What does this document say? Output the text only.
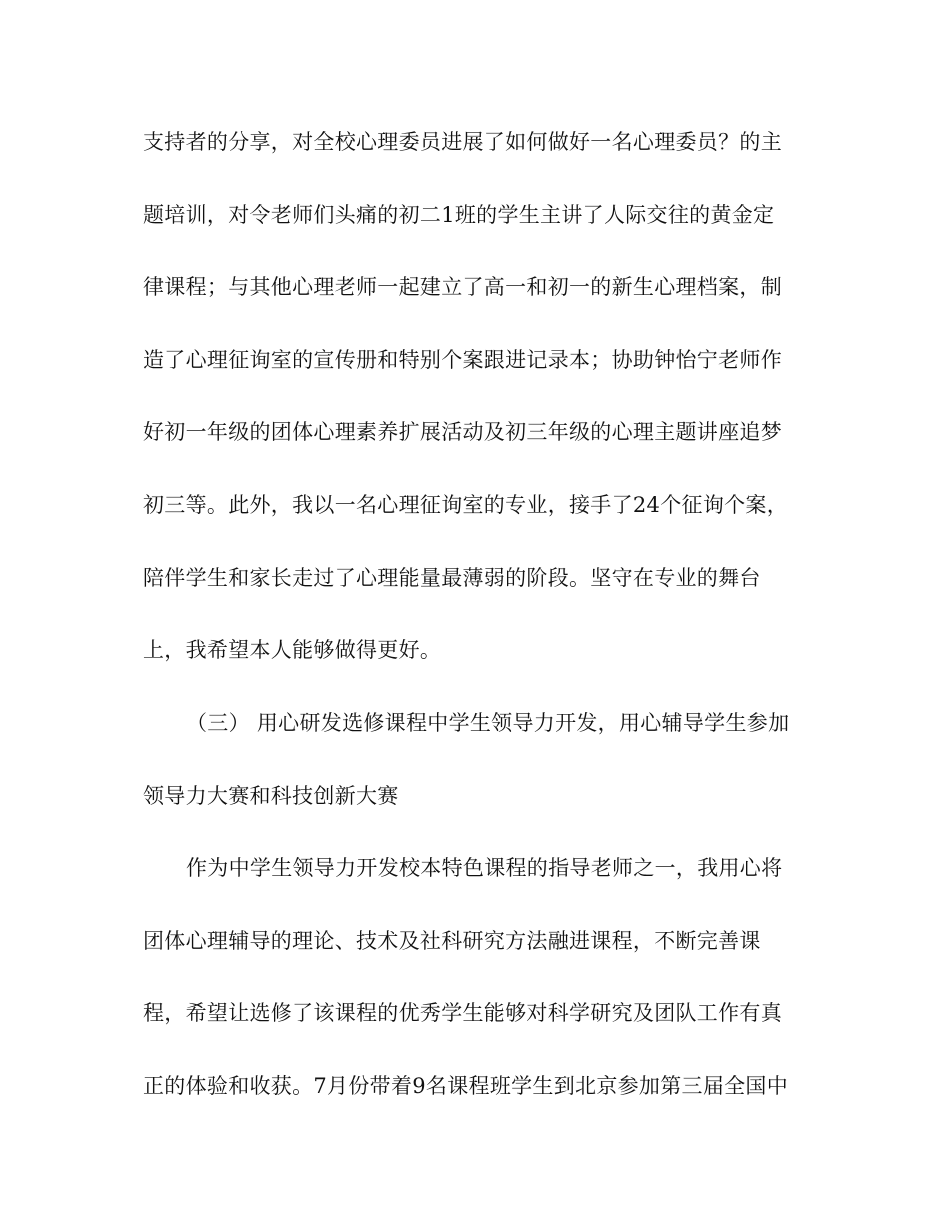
支持者的分享，对全校心理委员进展了如何做好一名心理委员？的主
题培训，对令老师们头痛的初二1班的学生主讲了人际交往的黄金定
律课程；与其他心理老师一起建立了高一和初一的新生心理档案，制
造了心理征询室的宣传册和特别个案跟进记录本；协助钟怡宁老师作
好初一年级的团体心理素养扩展活动及初三年级的心理主题讲座追梦
初三等。此外，我以一名心理征询室的专业，接手了24个征询个案，
陪伴学生和家长走过了心理能量最薄弱的阶段。坚守在专业的舞台
上，我希望本人能够做得更好。
（三） 用心研发选修课程中学生领导力开发，用心辅导学生参加
领导力大赛和科技创新大赛
作为中学生领导力开发校本特色课程的指导老师之一，我用心将
团体心理辅导的理论、技术及社科研究方法融进课程，不断完善课
程，希望让选修了该课程的优秀学生能够对科学研究及团队工作有真
正的体验和收获。7月份带着9名课程班学生到北京参加第三届全国中
